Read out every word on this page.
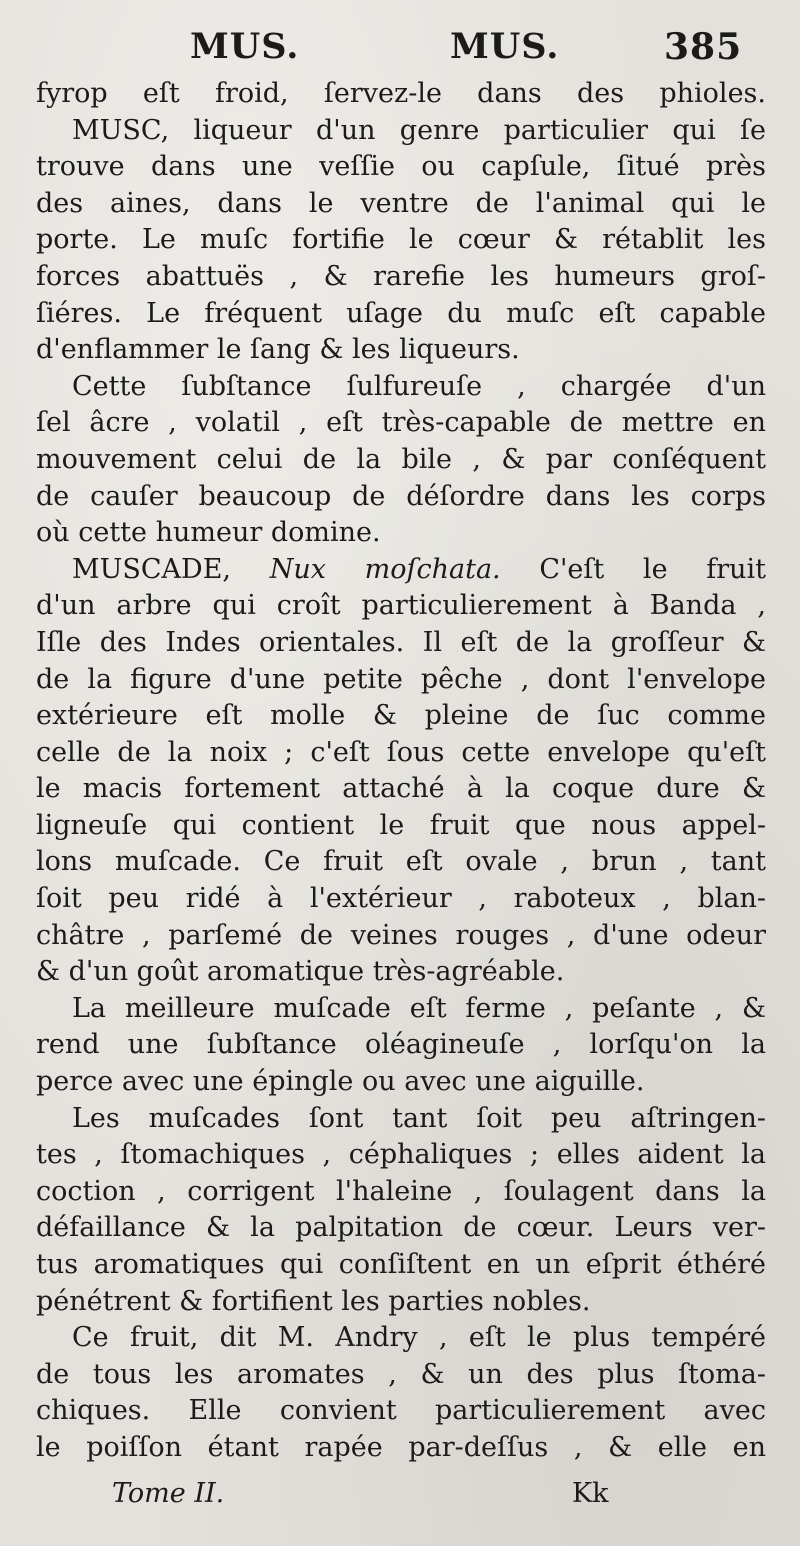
MUS.	MUS.	385
fyrop eſt froid, ſervez-le dans des phioles.
MUSC, liqueur d'un genre particulier qui ſe
trouve dans une veſſie ou capſule, ſitué près
des aines, dans le ventre de l'animal qui le
porte. Le muſc fortifie le cœur & rétablit les
forces abattuës , & rarefie les humeurs groſ-
ſiéres. Le fréquent uſage du muſc eſt capable
d'enflammer le ſang & les liqueurs.
Cette ſubſtance ſulfureuſe , chargée d'un
ſel âcre , volatil , eſt très-capable de mettre en
mouvement celui de la bile , & par conſéquent
de cauſer beaucoup de déſordre dans les corps
où cette humeur domine.
MUSCADE, Nux moſchata. C'eſt le fruit
d'un arbre qui croît particulierement à Banda ,
Iſle des Indes orientales. Il eſt de la groſſeur &
de la figure d'une petite pêche , dont l'envelope
extérieure eſt molle & pleine de ſuc comme
celle de la noix ; c'eſt ſous cette envelope qu'eſt
le macis fortement attaché à la coque dure &
ligneuſe qui contient le fruit que nous appel-
lons muſcade. Ce fruit eſt ovale , brun , tant
ſoit peu ridé à l'extérieur , raboteux , blan-
châtre , parſemé de veines rouges , d'une odeur
& d'un goût aromatique très-agréable.
La meilleure muſcade eſt ferme , peſante , &
rend une ſubſtance oléagineuſe , lorſqu'on la
perce avec une épingle ou avec une aiguille.
Les muſcades ſont tant ſoit peu aſtringen-
tes , ſtomachiques , céphaliques ; elles aident la
coction , corrigent l'haleine , ſoulagent dans la
défaillance & la palpitation de cœur. Leurs ver-
tus aromatiques qui conſiſtent en un eſprit éthéré
pénétrent & fortifient les parties nobles.
Ce fruit, dit M. Andry , eſt le plus tempéré
de tous les aromates , & un des plus ſtoma-
chiques. Elle convient particulierement avec
le poiſſon étant rapée par-deſſus , & elle en
Tome II.	Kk
